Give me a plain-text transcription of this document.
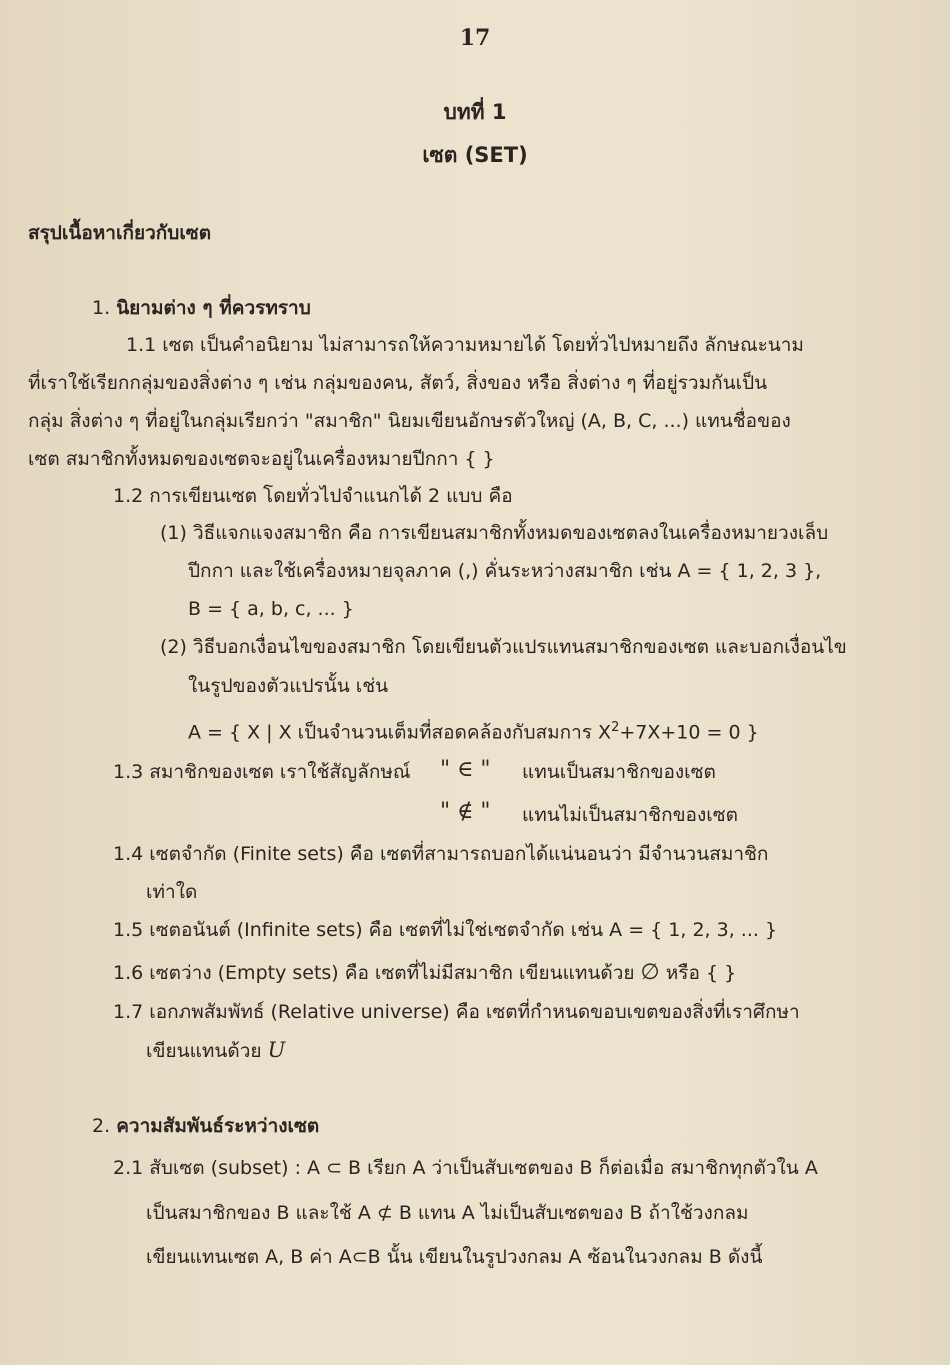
17
บทที่ 1
เซต (SET)
สรุปเนื้อหาเกี่ยวกับเซต
1. นิยามต่าง ๆ ที่ควรทราบ
1.1 เซต เป็นคำอนิยาม ไม่สามารถให้ความหมายได้ โดยทั่วไปหมายถึง ลักษณะนาม
ที่เราใช้เรียกกลุ่มของสิ่งต่าง ๆ เช่น กลุ่มของคน, สัตว์, สิ่งของ หรือ สิ่งต่าง ๆ ที่อยู่รวมกันเป็น
กลุ่ม สิ่งต่าง ๆ ที่อยู่ในกลุ่มเรียกว่า "สมาชิก" นิยมเขียนอักษรตัวใหญ่ (A, B, C, ...) แทนชื่อของ
เซต สมาชิกทั้งหมดของเซตจะอยู่ในเครื่องหมายปีกกา { }
1.2 การเขียนเซต โดยทั่วไปจำแนกได้ 2 แบบ คือ
(1) วิธีแจกแจงสมาชิก คือ การเขียนสมาชิกทั้งหมดของเซตลงในเครื่องหมายวงเล็บ
ปีกกา และใช้เครื่องหมายจุลภาค (,) คั่นระหว่างสมาชิก เช่น A = { 1, 2, 3 },
B = { a, b, c, ... }
(2) วิธีบอกเงื่อนไขของสมาชิก โดยเขียนตัวแปรแทนสมาชิกของเซต และบอกเงื่อนไข
ในรูปของตัวแปรนั้น เช่น
A = { X | X เป็นจำนวนเต็มที่สอดคล้องกับสมการ $X^2+7X+10 = 0$ }
1.3 สมาชิกของเซต เราใช้สัญลักษณ์ " ∈ " แทนเป็นสมาชิกของเซต
" ∉ " แทนไม่เป็นสมาชิกของเซต
1.4 เซตจำกัด (Finite sets) คือ เซตที่สามารถบอกได้แน่นอนว่า มีจำนวนสมาชิก
เท่าใด
1.5 เซตอนันต์ (Infinite sets) คือ เซตที่ไม่ใช่เซตจำกัด เช่น A = { 1, 2, 3, ... }
1.6 เซตว่าง (Empty sets) คือ เซตที่ไม่มีสมาชิก เขียนแทนด้วย ∅ หรือ { }
1.7 เอกภพสัมพัทธ์ (Relative universe) คือ เซตที่กำหนดขอบเขตของสิ่งที่เราศึกษา
เขียนแทนด้วย U
2. ความสัมพันธ์ระหว่างเซต
2.1 สับเซต (subset) : A ⊂ B เรียก A ว่าเป็นสับเซตของ B ก็ต่อเมื่อ สมาชิกทุกตัวใน A
เป็นสมาชิกของ B และใช้ A ⊄ B แทน A ไม่เป็นสับเซตของ B ถ้าใช้วงกลม
เขียนแทนเซต A, B ค่า A⊂B นั้น เขียนในรูปวงกลม A ซ้อนในวงกลม B ดังนี้
